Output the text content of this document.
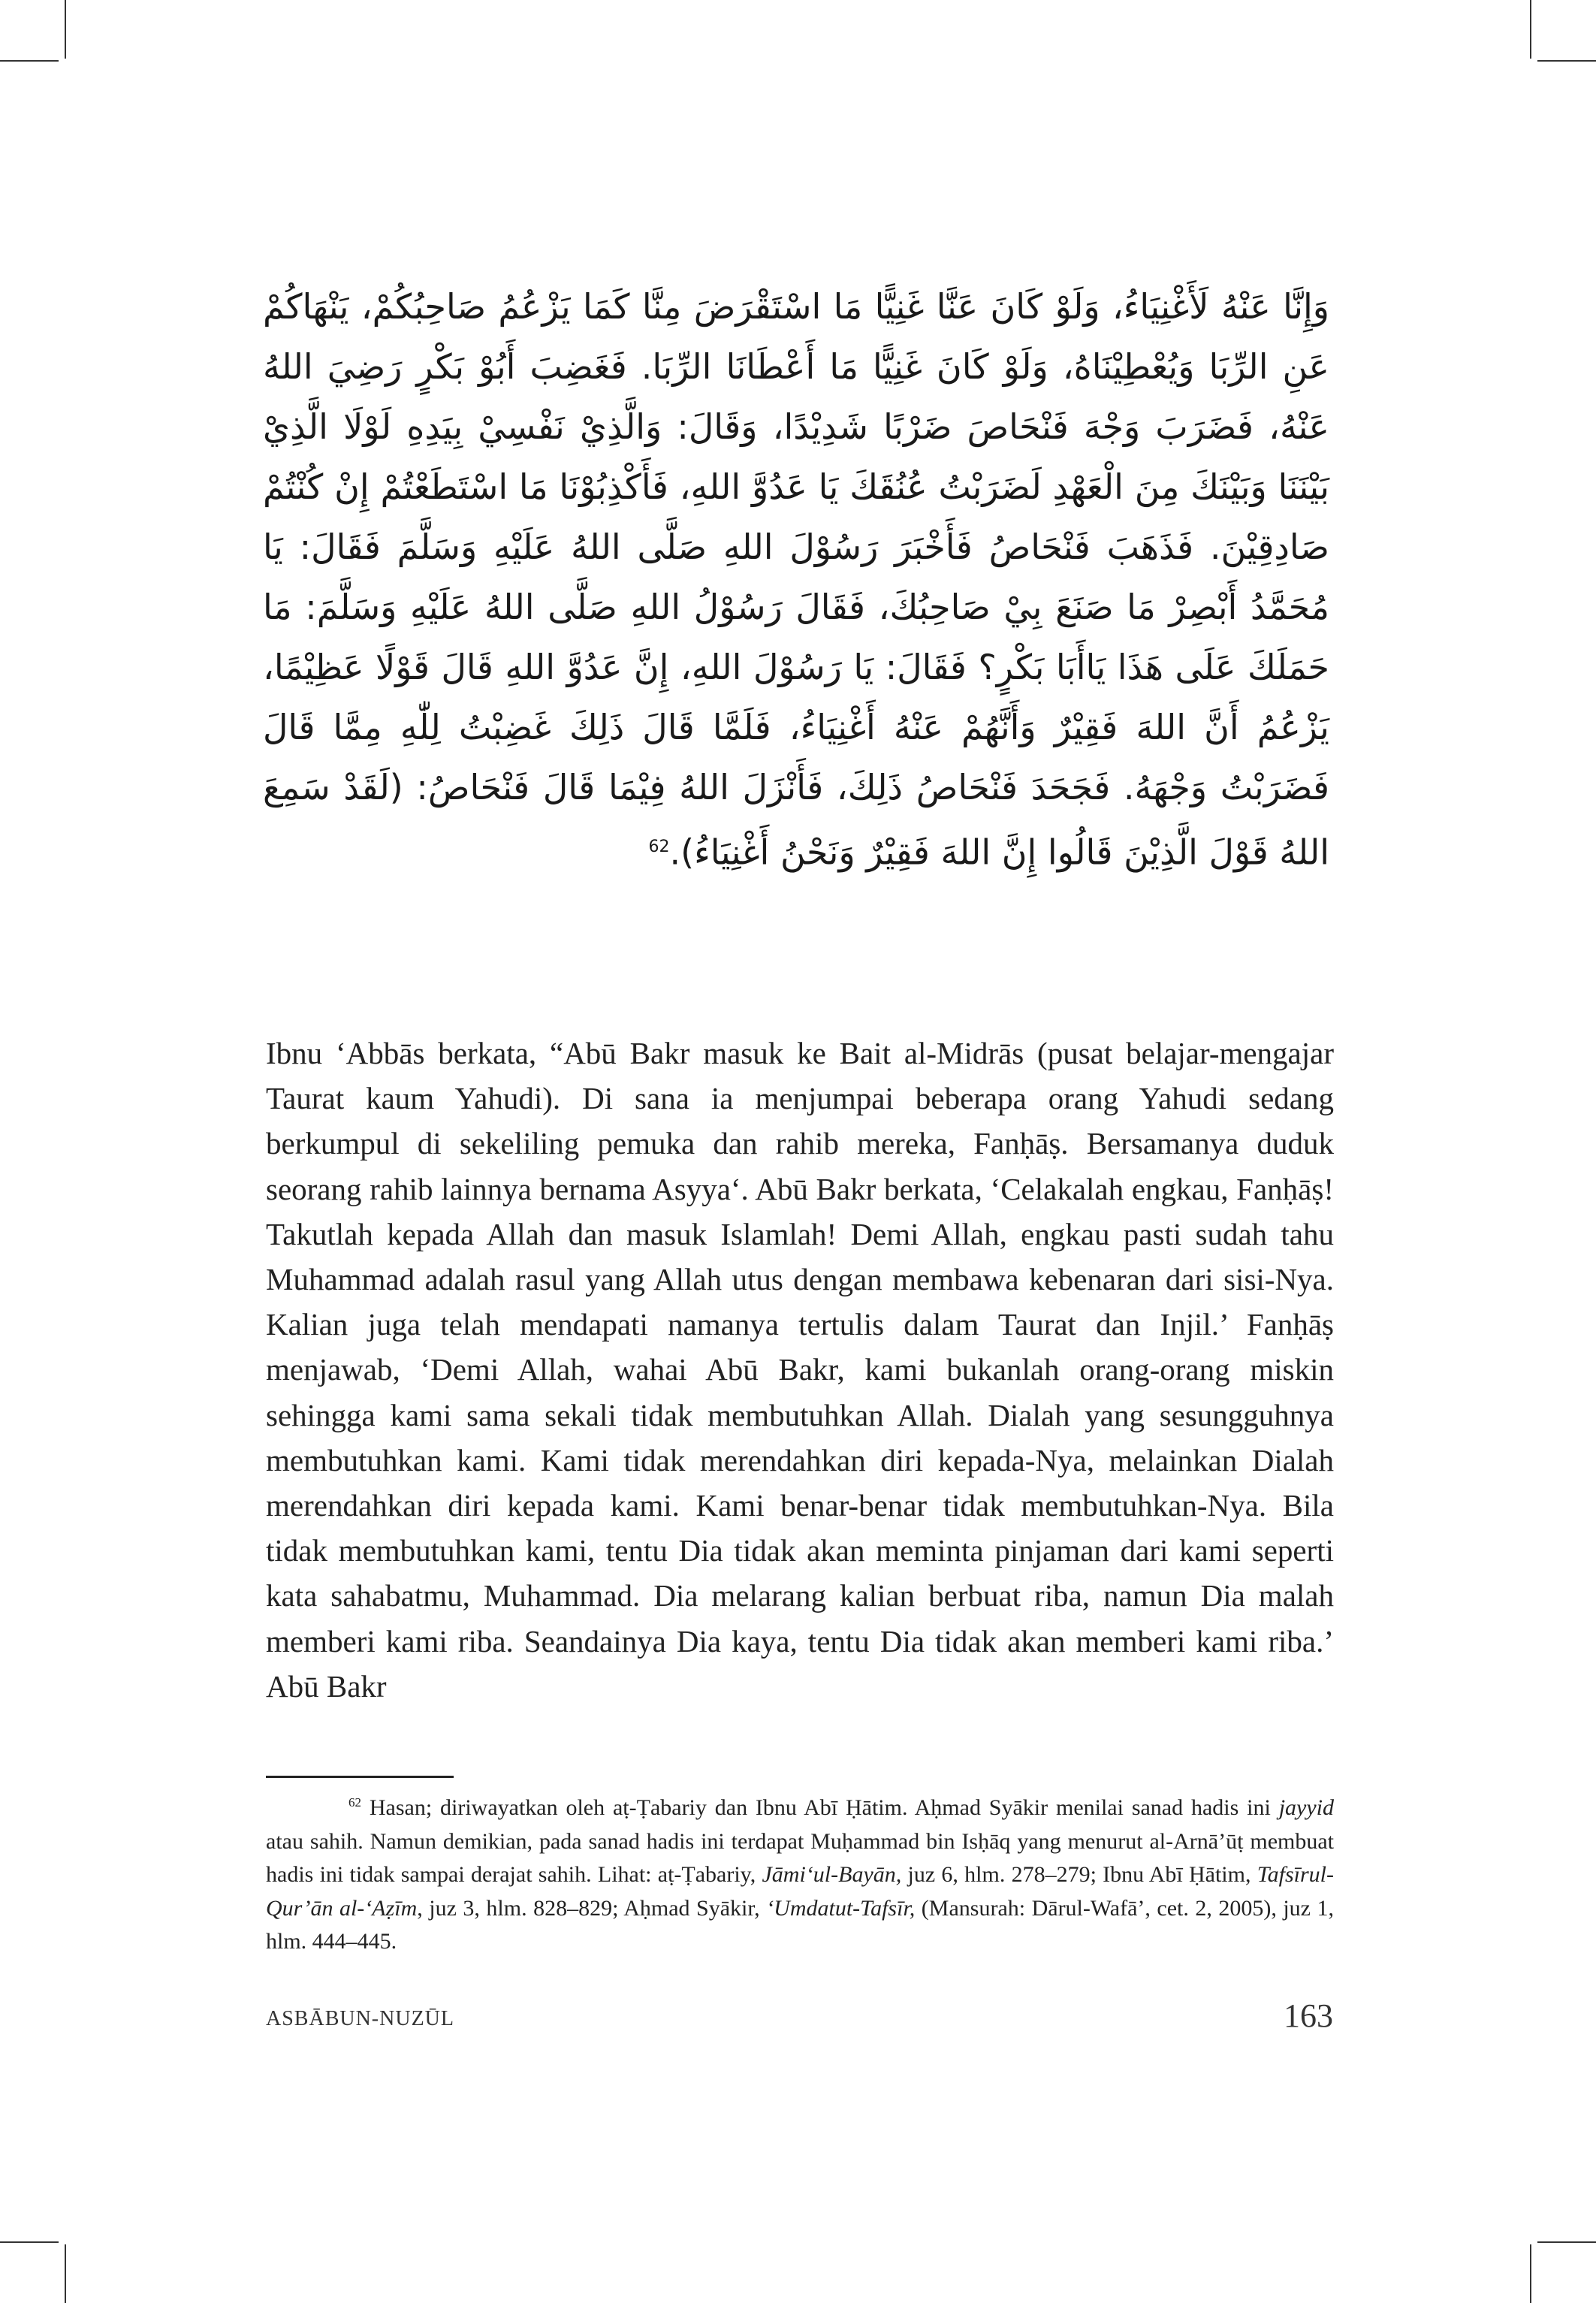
وَإِنَّا عَنْهُ لَأَغْنِيَاءُ، وَلَوْ كَانَ عَنَّا غَنِيًّا مَا اسْتَقْرَضَ مِنَّا كَمَا يَزْعُمُ صَاحِبُكُمْ، يَنْهَاكُمْ عَنِ الرِّبَا وَيُعْطِيْنَاهُ، وَلَوْ كَانَ غَنِيًّا مَا أَعْطَانَا الرِّبَا. فَغَضِبَ أَبُوْ بَكْرٍ رَضِيَ اللهُ عَنْهُ، فَضَرَبَ وَجْهَ فَنْحَاصَ ضَرْبًا شَدِيْدًا، وَقَالَ: وَالَّذِيْ نَفْسِيْ بِيَدِهِ لَوْلَا الَّذِيْ بَيْنَنَا وَبَيْنَكَ مِنَ الْعَهْدِ لَضَرَبْتُ عُنُقَكَ يَا عَدُوَّ اللهِ، فَأَكْذِبُوْنَا مَا اسْتَطَعْتُمْ إِنْ كُنْتُمْ صَادِقِيْنَ. فَذَهَبَ فَنْحَاصُ فَأَخْبَرَ رَسُوْلَ اللهِ صَلَّى اللهُ عَلَيْهِ وَسَلَّمَ فَقَالَ: يَا مُحَمَّدُ أَبْصِرْ مَا صَنَعَ بِيْ صَاحِبُكَ، فَقَالَ رَسُوْلُ اللهِ صَلَّى اللهُ عَلَيْهِ وَسَلَّمَ: مَا حَمَلَكَ عَلَى هَذَا يَاأَبَا بَكْرٍ؟ فَقَالَ: يَا رَسُوْلَ اللهِ، إِنَّ عَدُوَّ اللهِ قَالَ قَوْلًا عَظِيْمًا، يَزْعُمُ أَنَّ اللهَ فَقِيْرٌ وَأَنَّهُمْ عَنْهُ أَغْنِيَاءُ، فَلَمَّا قَالَ ذَلِكَ غَضِبْتُ لِلّٰهِ مِمَّا قَالَ فَضَرَبْتُ وَجْهَهُ. فَجَحَدَ فَنْحَاصُ ذَلِكَ، فَأَنْزَلَ اللهُ فِيْمَا قَالَ فَنْحَاصُ: (لَقَدْ سَمِعَ اللهُ قَوْلَ الَّذِيْنَ قَالُوا إِنَّ اللهَ فَقِيْرٌ وَنَحْنُ أَغْنِيَاءُ).$^{62}$

Ibnu ‘Abbās berkata, “Abū Bakr masuk ke Bait al-Midrās (pusat belajar-mengajar Taurat kaum Yahudi). Di sana ia menjumpai beberapa orang Yahudi sedang berkumpul di sekeliling pemuka dan rahib mereka, Fanḥāṣ. Bersamanya duduk seorang rahib lainnya bernama Asyya‘. Abū Bakr berkata, ‘Celakalah engkau, Fanḥāṣ! Takutlah kepada Allah dan masuk Islamlah! Demi Allah, engkau pasti sudah tahu Muhammad adalah rasul yang Allah utus dengan membawa kebenaran dari sisi-Nya. Kalian juga telah mendapati namanya tertulis dalam Taurat dan Injil.’ Fanḥāṣ menjawab, ‘Demi Allah, wahai Abū Bakr, kami bukanlah orang-orang miskin sehingga kami sama sekali tidak membutuhkan Allah. Dialah yang sesungguhnya membutuhkan kami. Kami tidak merendahkan diri kepada-Nya, melainkan Dialah merendahkan diri kepada kami. Kami benar-benar tidak membutuhkan-Nya. Bila tidak membutuhkan kami, tentu Dia tidak akan meminta pinjaman dari kami seperti kata sahabatmu, Muhammad. Dia melarang kalian berbuat riba, namun Dia malah memberi kami riba. Seandainya Dia kaya, tentu Dia tidak akan memberi kami riba.’ Abū Bakr

$^{62}$ Hasan; diriwayatkan oleh aṭ-Ṭabariy dan Ibnu Abī Ḥātim. Aḥmad Syākir menilai sanad hadis ini jayyid atau sahih. Namun demikian, pada sanad hadis ini terdapat Muḥammad bin Isḥāq yang menurut al-Arnā’ūṭ membuat hadis ini tidak sampai derajat sahih. Lihat: aṭ-Ṭabariy, Jāmi‘ul-Bayān, juz 6, hlm. 278–279; Ibnu Abī Ḥātim, Tafsīrul-Qur’ān al-‘Aẓīm, juz 3, hlm. 828–829; Aḥmad Syākir, ‘Umdatut-Tafsīr, (Mansurah: Dārul-Wafā’, cet. 2, 2005), juz 1, hlm. 444–445.

ASBĀBUN-NUZŪL	163
